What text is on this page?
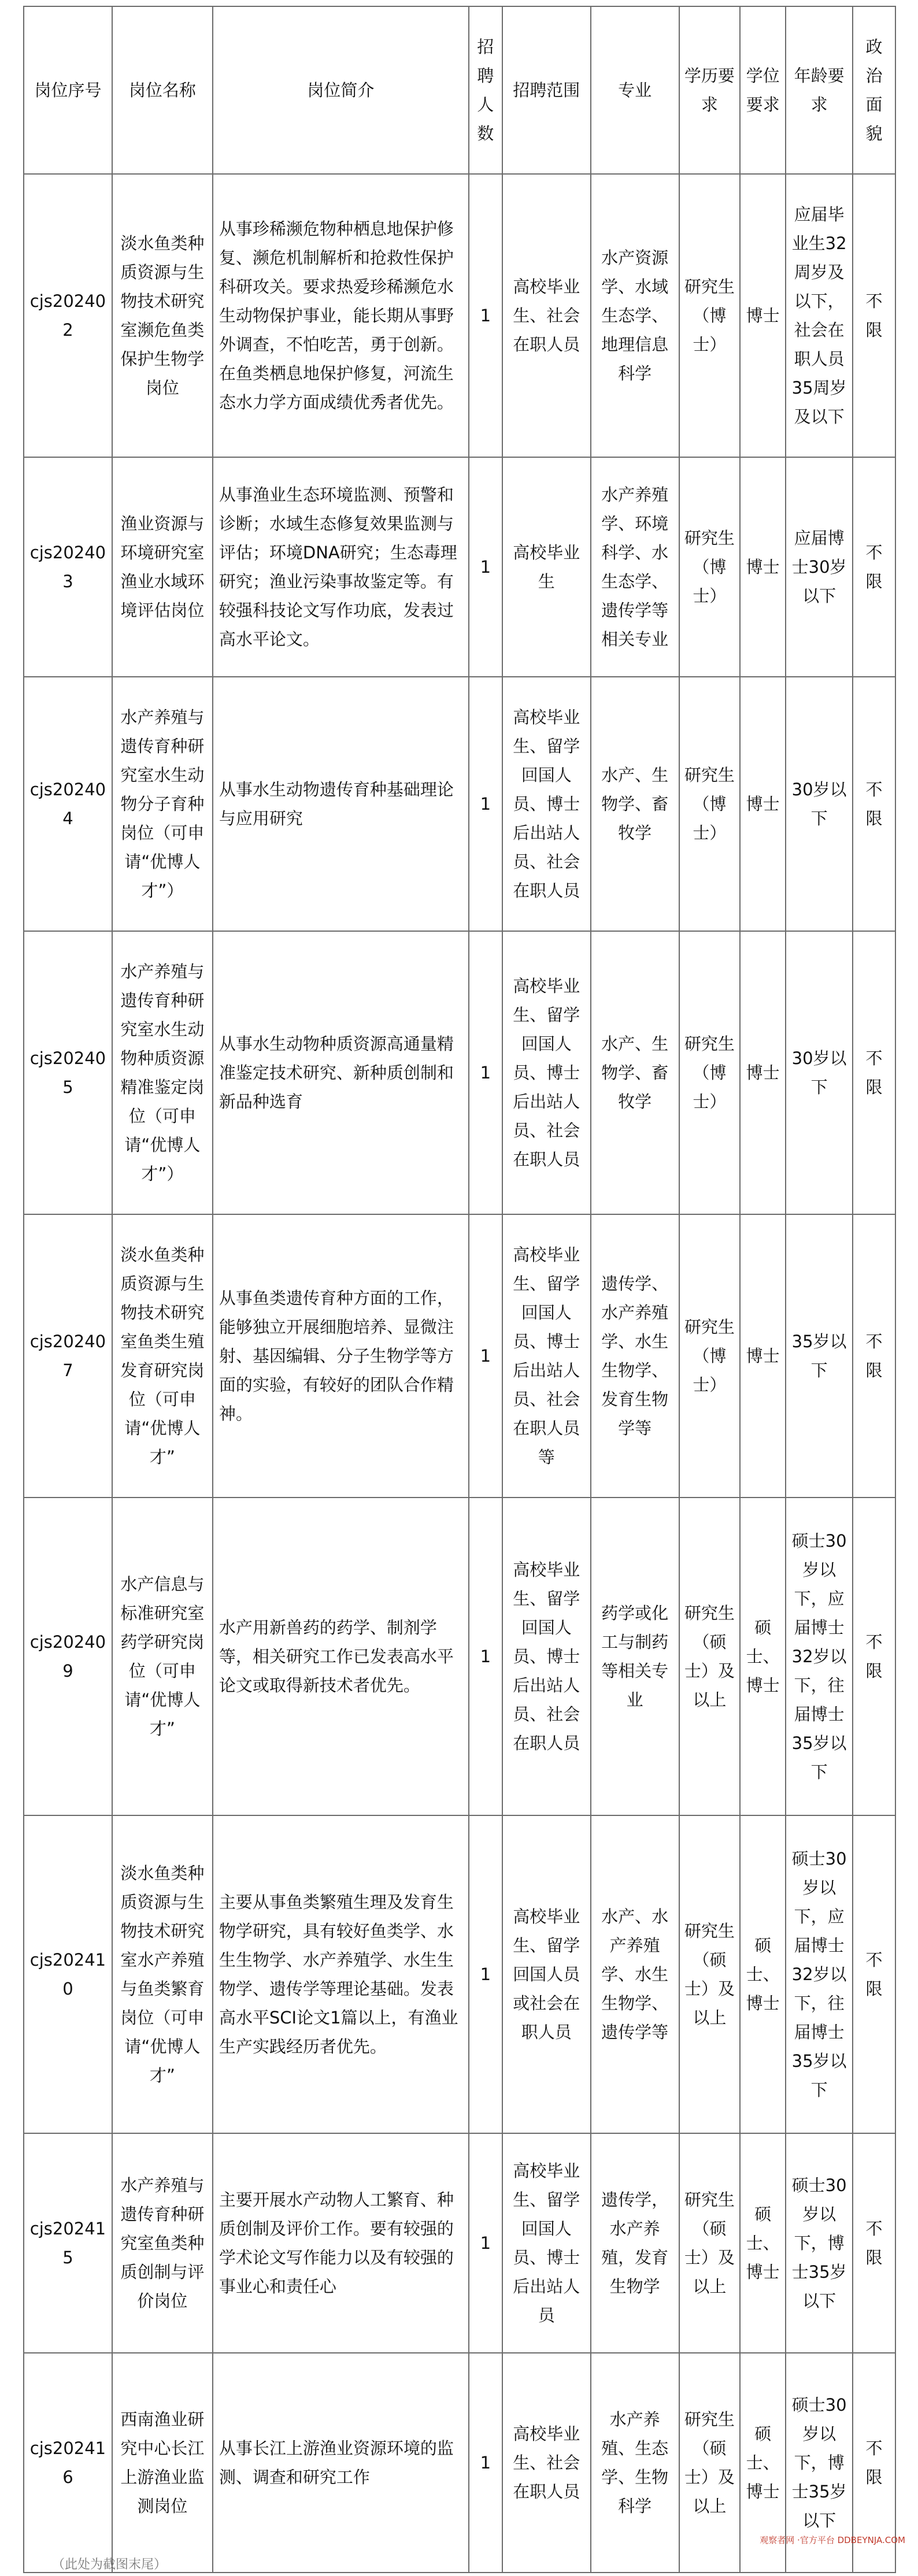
岗位序号	岗位名称	岗位简介	招聘人数	招聘范围	专业	学历要求	学位要求	年龄要求	政治面貌
cjs202402	淡水鱼类种质资源与生物技术研究室濒危鱼类保护生物学岗位	从事珍稀濒危物种栖息地保护修复、濒危机制解析和抢救性保护科研攻关。要求热爱珍稀濒危水生动物保护事业，能长期从事野外调查，不怕吃苦，勇于创新。在鱼类栖息地保护修复，河流生态水力学方面成绩优秀者优先。	1	高校毕业生、社会在职人员	水产资源学、水域生态学、地理信息科学	研究生（博士）	博士	应届毕业生32周岁及以下，社会在职人员35周岁及以下	不限
cjs202403	渔业资源与环境研究室渔业水域环境评估岗位	从事渔业生态环境监测、预警和诊断；水域生态修复效果监测与评估；环境DNA研究；生态毒理研究；渔业污染事故鉴定等。有较强科技论文写作功底，发表过高水平论文。	1	高校毕业生	水产养殖学、环境科学、水生态学、遗传学等相关专业	研究生（博士）	博士	应届博士30岁以下	不限
cjs202404	水产养殖与遗传育种研究室水生动物分子育种岗位（可申请“优博人才”）	从事水生动物遗传育种基础理论与应用研究	1	高校毕业生、留学回国人员、博士后出站人员、社会在职人员	水产、生物学、畜牧学	研究生（博士）	博士	30岁以下	不限
cjs202405	水产养殖与遗传育种研究室水生动物种质资源精准鉴定岗位（可申请“优博人才”）	从事水生动物种质资源高通量精准鉴定技术研究、新种质创制和新品种选育	1	高校毕业生、留学回国人员、博士后出站人员、社会在职人员	水产、生物学、畜牧学	研究生（博士）	博士	30岁以下	不限
cjs202407	淡水鱼类种质资源与生物技术研究室鱼类生殖发育研究岗位（可申请“优博人才”	从事鱼类遗传育种方面的工作，能够独立开展细胞培养、显微注射、基因编辑、分子生物学等方面的实验，有较好的团队合作精神。	1	高校毕业生、留学回国人员、博士后出站人员、社会在职人员等	遗传学、水产养殖学、水生生物学、发育生物学等	研究生（博士）	博士	35岁以下	不限
cjs202409	水产信息与标准研究室药学研究岗位（可申请“优博人才”	水产用新兽药的药学、制剂学等，相关研究工作已发表高水平论文或取得新技术者优先。	1	高校毕业生、留学回国人员、博士后出站人员、社会在职人员	药学或化工与制药等相关专业	研究生（硕士）及以上	硕士、博士	硕士30岁以下，应届博士32岁以下，往届博士35岁以下	不限
cjs202410	淡水鱼类种质资源与生物技术研究室水产养殖与鱼类繁育岗位（可申请“优博人才”	主要从事鱼类繁殖生理及发育生物学研究，具有较好鱼类学、水生生物学、水产养殖学、水生生物学、遗传学等理论基础。发表高水平SCI论文1篇以上，有渔业生产实践经历者优先。	1	高校毕业生、留学回国人员或社会在职人员	水产、水产养殖学、水生生物学、遗传学等	研究生（硕士）及以上	硕士、博士	硕士30岁以下，应届博士32岁以下，往届博士35岁以下	不限
cjs202415	水产养殖与遗传育种研究室鱼类种质创制与评价岗位	主要开展水产动物人工繁育、种质创制及评价工作。要有较强的学术论文写作能力以及有较强的事业心和责任心	1	高校毕业生、留学回国人员、博士后出站人员	遗传学，水产养殖，发育生物学	研究生（硕士）及以上	硕士、博士	硕士30岁以下，博士35岁以下	不限
cjs202416	西南渔业研究中心长江上游渔业监测岗位	从事长江上游渔业资源环境的监测、调查和研究工作	1	高校毕业生、社会在职人员	水产养殖、生态学、生物科学	研究生（硕士）及以上	硕士、博士	硕士30岁以下，博士35岁以下	不限
（此处为截图末尾）
观察者网 ·官方平台 DDBEYNJA.COM
